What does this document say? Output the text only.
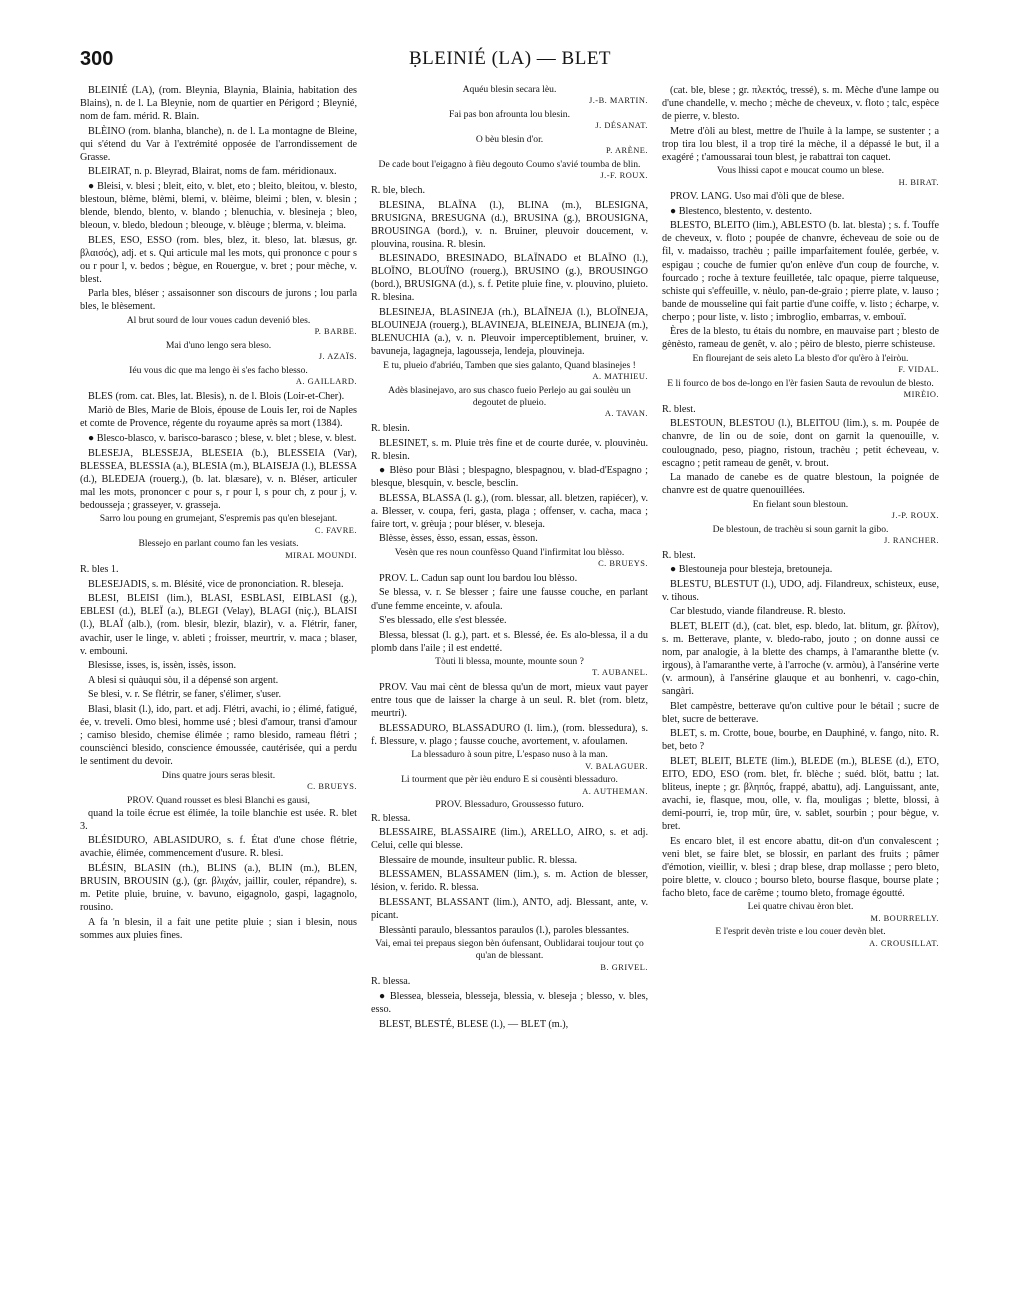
300	ḄLEINIÉ (LA) — BLET

BLEINIÉ (LA), (rom. Bleynia, Blaynia, Blainia, habitation des Blains), n. de l. La Bleynie, nom de quartier en Périgord ; Bleynié, nom de fam. mérid. R. Blain.

BLÈINO (rom. blanha, blanche), n. de l. La montagne de Bleine, qui s'étend du Var à l'extrémité opposée de l'arrondissement de Grasse.

BLEIRAT, n. p. Bleyrad, Blairat, noms de fam. méridionaux.

● Bleisi, v. blesi ; bleit, eito, v. blet, eto ; bleito, bleitou, v. blesto, blestoun, blème, blèmi, blemi, v. blèime, bleimi ; blen, v. blesin ; blende, blendo, blento, v. blando ; blenuchia, v. blesineja ; bleo, bleoun, v. bledo, bledoun ; bleouge, v. blèuge ; blerma, v. bleima.

BLES, ESO, ESSO (rom. bles, blez, it. bleso, lat. blæsus, gr. βλαισός), adj. et s. Qui articule mal les mots, qui prononce c pour s ou r pour l, v. bedos ; bègue, en Rouergue, v. bret ; pour mèche, v. blest.

Parla bles, bléser ; assaisonner son discours de jurons ; lou parla bles, le blèsement.

Al brut sourd de lour voues cadun devenió bles.

P. BARBE.

Mai d'uno lengo sera bleso.

J. AZAÏS.

Iéu vous dic que ma lengo èi s'es facho blesso.

A. GAILLARD.

BLES (rom. cat. Bles, lat. Blesis), n. de l. Blois (Loir-et-Cher).

Mariò de Bles, Marie de Blois, épouse de Louis Ier, roi de Naples et comte de Provence, régente du royaume après sa mort (1384).

● Blesco-blasco, v. barisco-barasco ; blese, v. blet ; blese, v. blest.

BLESEJA, BLESSEJA, BLESEIA (b.), BLESSEIA (Var), BLESSEA, BLESSIA (a.), BLESIA (m.), BLAISEJA (l.), BLESSA (d.), BLEDEJA (rouerg.), (b. lat. blæsare), v. n. Bléser, articuler mal les mots, prononcer c pour s, r pour l, s pour ch, z pour j, v. bedousseja ; grasseyer, v. grasseja.

Sarro lou poung en grumejant, S'espremis pas qu'en blesejant.

C. FAVRE.

Blessejo en parlant coumo fan les vesiats.

MIRAL MOUNDI.

R. bles 1.

BLESEJADIS, s. m. Blésité, vice de prononciation. R. bleseja.

BLESI, BLEISI (lim.), BLASI, ESBLASI, EIBLASI (g.), EBLESI (d.), BLEÏ (a.), BLEGI (Velay), BLAGI (niç.), BLAISI (l.), BLAÏ (alb.), (rom. blesir, blezir, blazir), v. a. Flétrir, faner, avachir, user le linge, v. ableti ; froisser, meurtrir, v. maca ; blaser, v. embouni.

Blesisse, isses, is, issèn, issès, isson.

A blesi si quàuqui sòu, il a dépensé son argent.

Se blesi, v. r. Se flétrir, se faner, s'élimer, s'user.

Blasi, blasit (l.), ido, part. et adj. Flétri, avachi, io ; élimé, fatigué, ée, v. treveli. Omo blesi, homme usé ; blesi d'amour, transi d'amour ; camiso blesido, chemise élimée ; ramo blesido, rameau flétri ; counsciènci blesido, conscience émoussée, cautérisée, qui a perdu le sentiment du devoir.

Dins quatre jours seras blesit.

C. BRUEYS.

PROV. Quand rousset es blesi Blanchi es gausi,

quand la toile écrue est élimée, la toile blanchie est usée. R. blet 3.

BLÉSIDURO, ABLASIDURO, s. f. État d'une chose flétrie, avachie, élimée, commencement d'usure. R. blesi.

BLÉSIN, BLASIN (rh.), BLINS (a.), BLIN (m.), BLEN, BRUSIN, BROUSIN (g.), (gr. βλιχάν, jaillir, couler, répandre), s. m. Petite pluie, bruine, v. bavuno, eigagnolo, gaspi, lagagnolo, rousino.

A fa 'n blesin, il a fait une petite pluie ; sian i blesin, nous sommes aux pluies fines.

Aquéu blesin secara lèu.

J.-B. MARTIN.

Fai pas bon afrounta lou blesin.

J. DÉSANAT.

O bèu blesin d'or.

P. ARÈNE.

De cade bout l'eigagno à fièu degouto Coumo s'avié toumba de blin.

J.-F. ROUX.

R. ble, blech.

BLESINA, BLAÏNA (l.), BLINA (m.), BLESIGNA, BRUSIGNA, BRESUGNA (d.), BRUSINA (g.), BROUSIGNA, BROUSINGA (bord.), v. n. Bruiner, pleuvoir doucement, v. plouvina, rousina. R. blesin.

BLESINADO, BRESINADO, BLAÏNADO et BLAÏNO (l.), BLOÏNO, BLOUÏNO (rouerg.), BRUSINO (g.), BROUSINGO (bord.), BRUSIGNA (d.), s. f. Petite pluie fine, v. plouvino, pluieto. R. blesina.

BLESINEJA, BLASINEJA (rh.), BLAÏNEJA (l.), BLOÏNEJA, BLOUINEJA (rouerg.), BLAVINEJA, BLEINEJA, BLINEJA (m.), BLENUCHIA (a.), v. n. Pleuvoir imperceptiblement, bruiner, v. bavuneja, lagagneja, lagousseja, lendeja, plouvineja.

E tu, plueio d'abriéu, Tamben que sies galanto, Quand blasinejes !

A. MATHIEU.

Adès blasinejavo, aro sus chasco fueio Perlejo au gai soulèu un degoutet de plueio.

A. TAVAN.

R. blesin.

BLESINET, s. m. Pluie très fine et de courte durée, v. plouvinèu. R. blesin.

● Blèso pour Blàsi ; blespagno, blespagnou, v. blad-d'Espagno ; blesque, blesquin, v. bescle, besclin.

BLESSA, BLASSA (l. g.), (rom. blessar, all. bletzen, rapiécer), v. a. Blesser, v. coupa, feri, gasta, plaga ; offenser, v. cacha, maca ; faire tort, v. grèuja ; pour bléser, v. bleseja.

Blèsse, èsses, èsso, essan, essas, èsson.

Vesèn que res noun counfèsso Quand l'infirmitat lou blèsso.

C. BRUEYS.

PROV. L. Cadun sap ount lou bardou lou blèsso.

Se blessa, v. r. Se blesser ; faire une fausse couche, en parlant d'une femme enceinte, v. afoula.

S'es blessado, elle s'est blessée.

Blessa, blessat (l. g.), part. et s. Blessé, ée. Es alo-blessa, il a du plomb dans l'aile ; il est endetté.

Tòuti li blessa, mounte, mounte soun ?

T. AUBANEL.

PROV. Vau mai cènt de blessa qu'un de mort, mieux vaut payer entre tous que de laisser la charge à un seul. R. blet (rom. bletz, meurtri).

BLESSADURO, BLASSADURO (l. lim.), (rom. blessedura), s. f. Blessure, v. plago ; fausse couche, avortement, v. afoulamen.

La blessaduro à soun pitre, L'espaso nuso à la man.

V. BALAGUER.

Li tourment que pèr ièu enduro E si cousènti blessaduro.

A. AUTHEMAN.

PROV. Blessaduro, Groussesso futuro.

R. blessa.

BLESSAIRE, BLASSAIRE (lim.), ARELLO, AIRO, s. et adj. Celui, celle qui blesse.

Blessaire de mounde, insulteur public. R. blessa.

BLESSAMEN, BLASSAMEN (lim.), s. m. Action de blesser, lésion, v. ferido. R. blessa.

BLESSANT, BLASSANT (lim.), ANTO, adj. Blessant, ante, v. picant.

Blessànti paraulo, blessantos paraulos (l.), paroles blessantes.

Vai, emai tei prepaus siegon bèn óufensant, Oublidarai toujour tout ço qu'an de blessant.

B. GRIVEL.

R. blessa.

● Blessea, blesseia, blesseja, blessia, v. bleseja ; blesso, v. bles, esso.

BLEST, BLESTÉ, BLESE (l.), — BLET (m.),

(cat. ble, blese ; gr. πλεκτός, tressé), s. m. Mèche d'une lampe ou d'une chandelle, v. mecho ; mèche de cheveux, v. floto ; talc, espèce de pierre, v. blesto.

Metre d'òli au blest, mettre de l'huile à la lampe, se sustenter ; a trop tira lou blest, il a trop tiré la mèche, il a dépassé le but, il a exagéré ; t'amoussarai toun blest, je rabattrai ton caquet.

Vous lhissi capot e moucat coumo un blese.

H. BIRAT.

PROV. LANG. Uso mai d'òli que de blese.

● Blestenco, blestento, v. destento.

BLESTO, BLEITO (lim.), ABLESTO (b. lat. blesta) ; s. f. Touffe de cheveux, v. floto ; poupée de chanvre, écheveau de soie ou de fil, v. madaisso, trachèu ; paille imparfaitement foulée, gerbée, v. espigau ; couche de fumier qu'on enlève d'un coup de fourche, v. fourcado ; roche à texture feuilletée, talc opaque, pierre talqueuse, schiste qui s'effeuille, v. nèulo, pan-de-graio ; pierre plate, v. lauso ; bande de mousseline qui fait partie d'une coiffe, v. listo ; écharpe, v. cherpo ; pour liste, v. listo ; imbroglio, embarras, v. embouï.

Ères de la blesto, tu étais du nombre, en mauvaise part ; blesto de gènèsto, rameau de genêt, v. alo ; pèiro de blesto, pierre schisteuse.

En flourejant de seis aleto La blesto d'or qu'èro à l'eiròu.

F. VIDAL.

E li fourco de bos de-longo en l'èr fasien Sauta de revoulun de blesto.

MIRÈIO.

R. blest.

BLESTOUN, BLESTOU (l.), BLEITOU (lim.), s. m. Poupée de chanvre, de lin ou de soie, dont on garnit la quenouille, v. coulougnado, peso, piagno, ristoun, trachèu ; petit écheveau, v. escagno ; petit rameau de genêt, v. brout.

La manado de canebe es de quatre blestoun, la poignée de chanvre est de quatre quenouillées.

En fielant soun blestoun.

J.-P. ROUX.

De blestoun, de trachèu si soun garnit la gibo.

J. RANCHER.

R. blest.

● Blestouneja pour blesteja, bretouneja.

BLESTU, BLESTUT (l.), UDO, adj. Filandreux, schisteux, euse, v. tihous.

Car blestudo, viande filandreuse. R. blesto.

BLET, BLEIT (d.), (cat. blet, esp. bledo, lat. blitum, gr. βλίτον), s. m. Betterave, plante, v. bledo-rabo, jouto ; on donne aussi ce nom, par analogie, à la blette des champs, à l'amaranthe blette (v. irgous), à l'amaranthe verte, à l'arroche (v. armòu), à l'ansérine verte (v. armoun), à l'ansérine glauque et au bonhenri, v. cago-chin, sangàri.

Blet campèstre, betterave qu'on cultive pour le bétail ; sucre de blet, sucre de betterave.

BLET, s. m. Crotte, boue, bourbe, en Dauphiné, v. fango, nito. R. bet, beto ?

BLET, BLEIT, BLETE (lim.), BLEDE (m.), BLESE (d.), ETO, EITO, EDO, ESO (rom. blet, fr. blèche ; suéd. blöt, battu ; lat. bliteus, inepte ; gr. βληπός, frappé, abattu), adj. Languissant, ante, avachi, ie, flasque, mou, olle, v. fla, mouligas ; blette, blossi, à demi-pourri, ie, trop mûr, ûre, v. sablet, sourbin ; pour bègue, v. bret.

Es encaro blet, il est encore abattu, dit-on d'un convalescent ; veni blet, se faire blet, se blossir, en parlant des fruits ; pâmer d'émotion, vieillir, v. blesi ; drap blese, drap mollasse ; pero bleto, poire blette, v. clouco ; bourso bleto, bourse flasque, bourse plate ; facho bleto, face de carême ; toumo bleto, fromage égoutté.

Lei quatre chivau èron blet.

M. BOURRELLY.

E l'esprit devèn triste e lou couer devèn blet.

A. CROUSILLAT.
